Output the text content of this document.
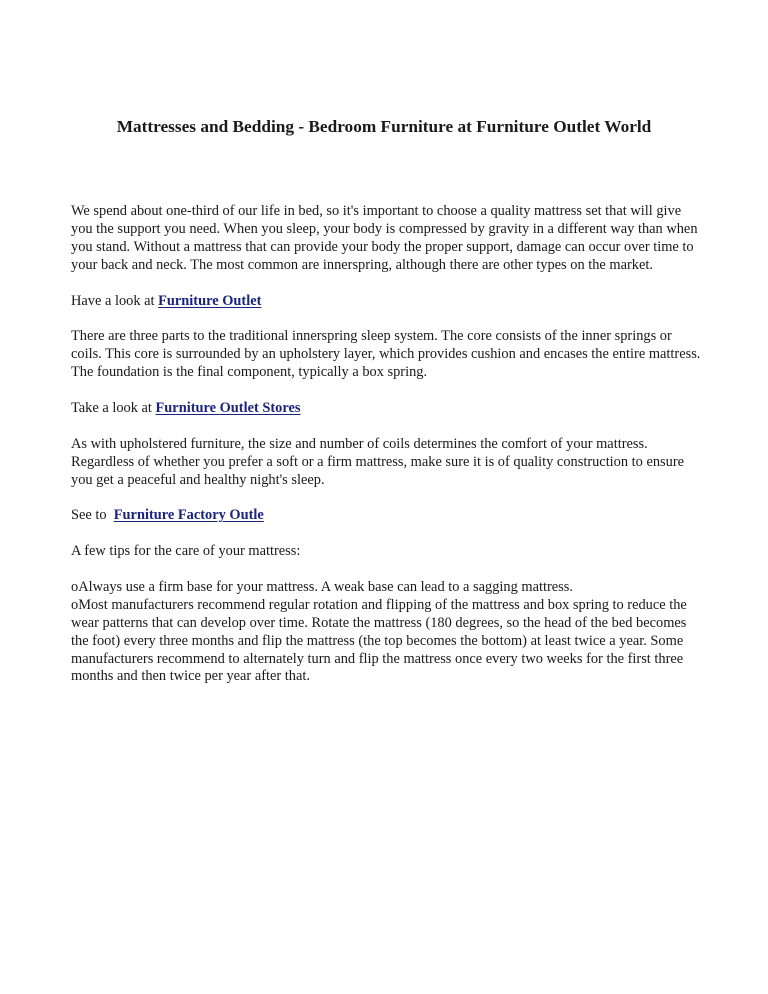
Mattresses and Bedding - Bedroom Furniture at Furniture Outlet World

We spend about one-third of our life in bed, so it's important to choose a quality mattress set that will give you the support you need. When you sleep, your body is compressed by gravity in a different way than when you stand. Without a mattress that can provide your body the proper support, damage can occur over time to your back and neck. The most common are innerspring, although there are other types on the market.

Have a look at Furniture Outlet

There are three parts to the traditional innerspring sleep system. The core consists of the inner springs or coils. This core is surrounded by an upholstery layer, which provides cushion and encases the entire mattress. The foundation is the final component, typically a box spring.

Take a look at Furniture Outlet Stores

As with upholstered furniture, the size and number of coils determines the comfort of your mattress. Regardless of whether you prefer a soft or a firm mattress, make sure it is of quality construction to ensure you get a peaceful and healthy night's sleep.

See to  Furniture Factory Outle

A few tips for the care of your mattress:

oAlways use a firm base for your mattress. A weak base can lead to a sagging mattress.

oMost manufacturers recommend regular rotation and flipping of the mattress and box spring to reduce the wear patterns that can develop over time. Rotate the mattress (180 degrees, so the head of the bed becomes the foot) every three months and flip the mattress (the top becomes the bottom) at least twice a year. Some manufacturers recommend to alternately turn and flip the mattress once every two weeks for the first three months and then twice per year after that.
